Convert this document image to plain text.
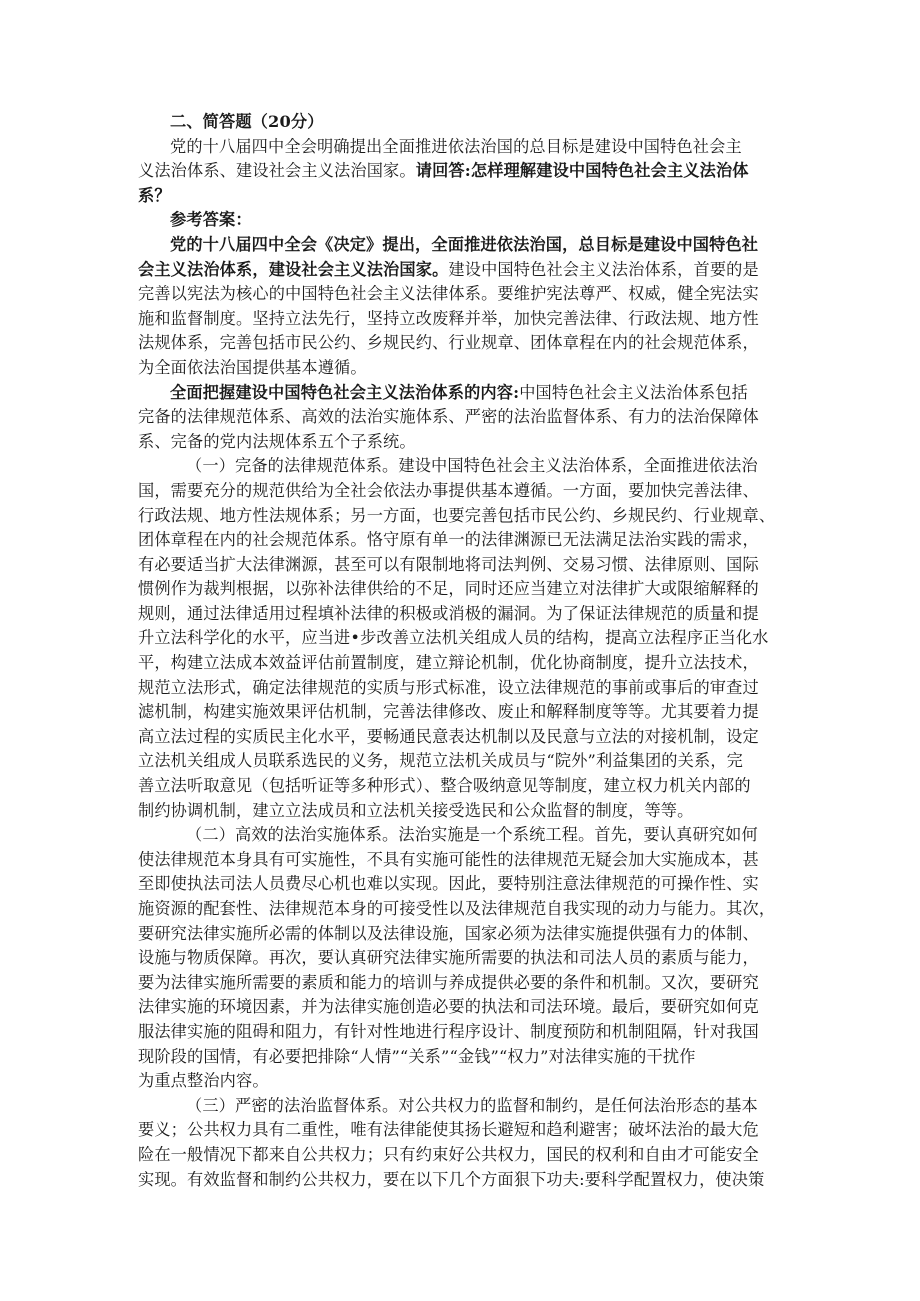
二、简答题（20分）
党的十八届四中全会明确提出全面推进依法治国的总目标是建设中国特色社会主
义法治体系、建设社会主义法治国家。请回答:怎样理解建设中国特色社会主义法治体
系？
参考答案：
党的十八届四中全会《决定》提出，全面推进依法治国，总目标是建设中国特色社
会主义法治体系，建设社会主义法治国家。建设中国特色社会主义法治体系，首要的是
完善以宪法为核心的中国特色社会主义法律体系。要维护宪法尊严、权威，健全宪法实
施和监督制度。坚持立法先行，坚持立改废释并举，加快完善法律、行政法规、地方性
法规体系，完善包括市民公约、乡规民约、行业规章、团体章程在内的社会规范体系，
为全面依法治国提供基本遵循。
全面把握建设中国特色社会主义法治体系的内容:中国特色社会主义法治体系包括
完备的法律规范体系、高效的法治实施体系、严密的法治监督体系、有力的法治保障体
系、完备的党内法规体系五个子系统。
（一）完备的法律规范体系。建设中国特色社会主义法治体系，全面推进依法治
国，需要充分的规范供给为全社会依法办事提供基本遵循。一方面，要加快完善法律、
行政法规、地方性法规体系；另一方面，也要完善包括市民公约、乡规民约、行业规章、
团体章程在内的社会规范体系。恪守原有单一的法律渊源已无法满足法治实践的需求，
有必要适当扩大法律渊源，甚至可以有限制地将司法判例、交易习惯、法律原则、国际
惯例作为裁判根据，以弥补法律供给的不足，同时还应当建立对法律扩大或限缩解释的
规则，通过法律适用过程填补法律的积极或消极的漏洞。为了保证法律规范的质量和提
升立法科学化的水平，应当进•步改善立法机关组成人员的结构，提高立法程序正当化水
平，构建立法成本效益评估前置制度，建立辩论机制，优化协商制度，提升立法技术，
规范立法形式，确定法律规范的实质与形式标准，设立法律规范的事前或事后的审查过
滤机制，构建实施效果评估机制，完善法律修改、废止和解释制度等等。尤其要着力提
高立法过程的实质民主化水平，要畅通民意表达机制以及民意与立法的对接机制，设定
立法机关组成人员联系选民的义务，规范立法机关成员与“院外”利益集团的关系，完
善立法听取意见（包括听证等多种形式）、整合吸纳意见等制度，建立权力机关内部的
制约协调机制，建立立法成员和立法机关接受选民和公众监督的制度，等等。
（二）高效的法治实施体系。法治实施是一个系统工程。首先，要认真研究如何
使法律规范本身具有可实施性，不具有实施可能性的法律规范无疑会加大实施成本，甚
至即使执法司法人员费尽心机也难以实现。因此，要特别注意法律规范的可操作性、实
施资源的配套性、法律规范本身的可接受性以及法律规范自我实现的动力与能力。其次，
要研究法律实施所必需的体制以及法律设施，国家必须为法律实施提供强有力的体制、
设施与物质保障。再次，要认真研究法律实施所需要的执法和司法人员的素质与能力，
要为法律实施所需要的素质和能力的培训与养成提供必要的条件和机制。又次，要研究
法律实施的环境因素，并为法律实施创造必要的执法和司法环境。最后，要研究如何克
服法律实施的阻碍和阻力，有针对性地进行程序设计、制度预防和机制阻隔，针对我国
现阶段的国情，有必要把排除“人情”“关系”“金钱”“权力”对法律实施的干扰作
为重点整治内容。
（三）严密的法治监督体系。对公共权力的监督和制约，是任何法治形态的基本
要义；公共权力具有二重性，唯有法律能使其扬长避短和趋利避害；破坏法治的最大危
险在一般情况下都来自公共权力；只有约束好公共权力，国民的权利和自由才可能安全
实现。有效监督和制约公共权力，要在以下几个方面狠下功夫:要科学配置权力，使决策
